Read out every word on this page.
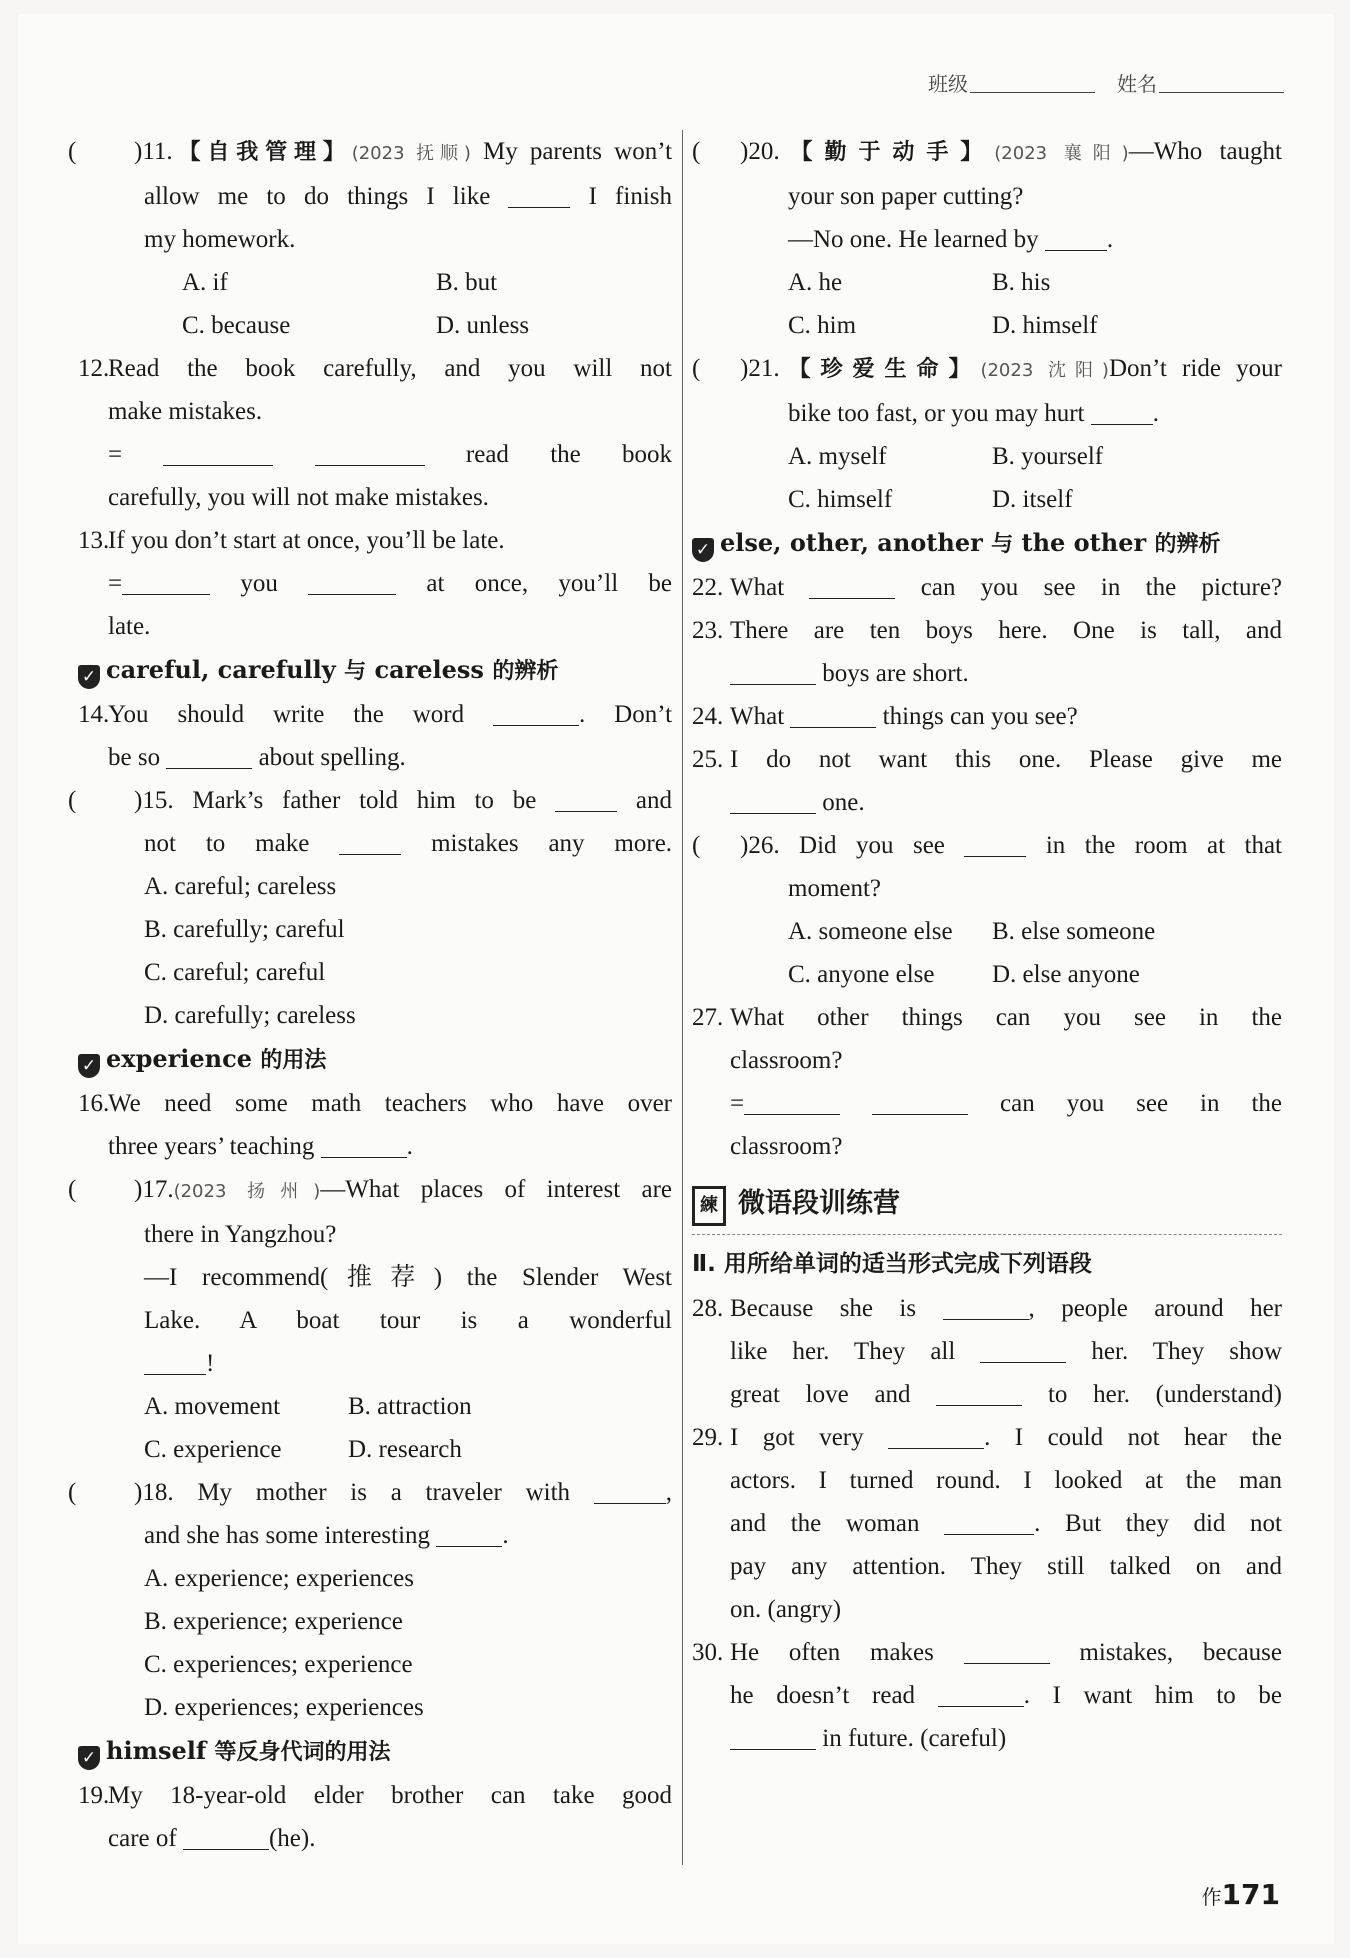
班级	姓名
( )11.【自我管理】(2023 抚顺) My parents won’t
allow me to do things I like	I finish
my homework.
A. if	B. but

C. because	D. unless

12.
Read the book carefully, and you will not
make mistakes.
=	read the book
carefully, you will not make mistakes.
13.
If you don’t start at once, you’ll be late.
=	you	at once, you’ll be
late.
✓ careful, carefully 与 careless 的辨析
14.
You should write the word	. Don’t
be so	about spelling.
( )15. Mark’s father told him to be	and
not to make	mistakes any more.
A. careful; careless

B. carefully; careful

C. careful; careful

D. carefully; careless

✓ experience 的用法
16.
We need some math teachers who have over
three years’ teaching	.
( )17.(2023 扬州)—What places of interest are
there in Yangzhou?
—I recommend(推荐) the Slender West
Lake. A boat tour is a wonderful
!
A. movement	B. attraction

C. experience	D. research

( )18. My mother is a traveler with	,
and she has some interesting	.
A. experience; experiences

B. experience; experience

C. experiences; experience

D. experiences; experiences

✓ himself 等反身代词的用法
19.
My 18-year-old elder brother can take good
care of	(he).
( )20.【勤于动手】(2023 襄阳)—Who taught
your son paper cutting?
—No one. He learned by	.
A. he	B. his

C. him	D. himself

( )21.【珍爱生命】(2023 沈阳)Don’t ride your
bike too fast, or you may hurt	.
A. myself	B. yourself

C. himself	D. itself

✓ else, other, another 与 the other 的辨析
22. What	can you see in the picture?
23. There are ten boys here. One is tall, and
boys are short.
24. What	things can you see?
25. I do not want this one. Please give me
one.
( )26. Did you see	in the room at that
moment?
A. someone else B. else someone

C. anyone else D. else anyone

27. What other things can you see in the
classroom?
=	can you see in the
classroom?
練 微语段训练营
Ⅱ. 用所给单词的适当形式完成下列语段
28. Because she is	, people around her
like her. They all	her. They show
great love and	to her. (understand)
29. I got very	. I could not hear the
actors. I turned round. I looked at the man
and the woman	. But they did not
pay any attention. They still talked on and
on. (angry)
30. He often makes	mistakes, because
he doesn’t read	. I want him to be
in future. (careful)
作171
